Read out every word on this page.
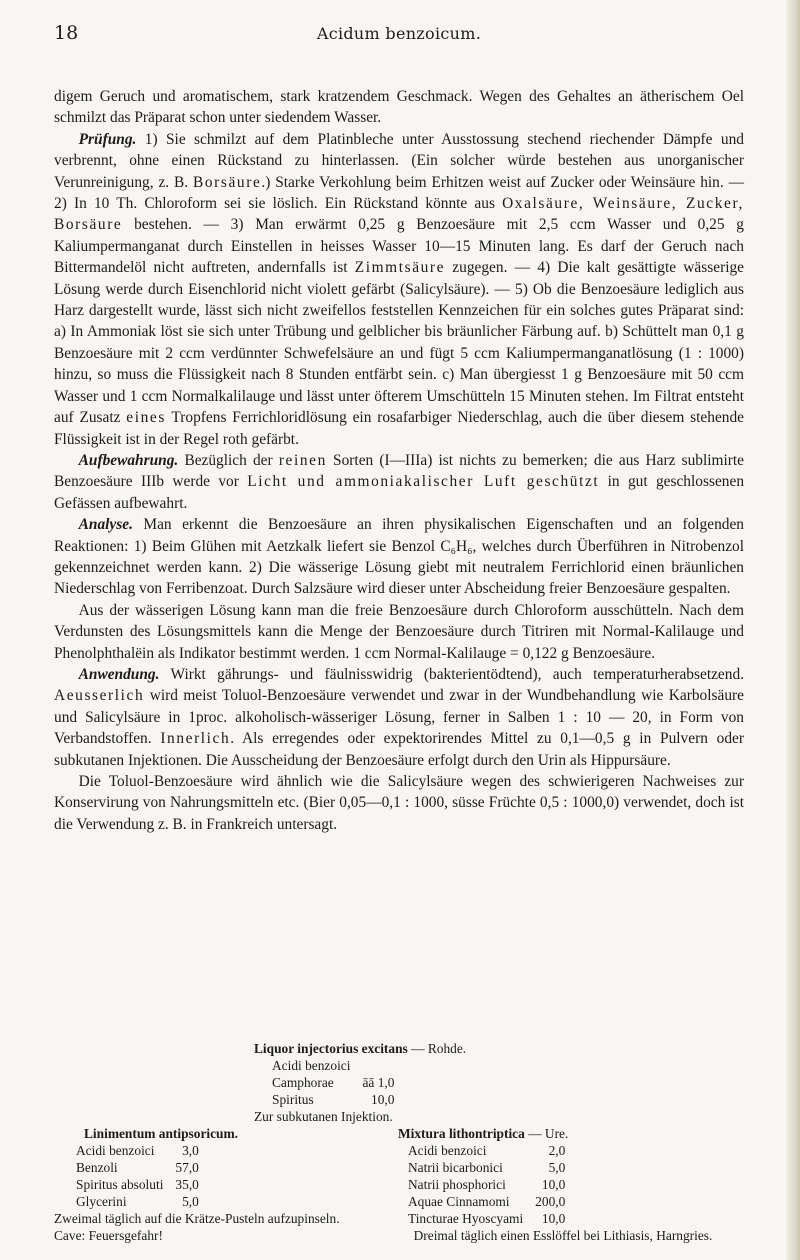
Acidum benzoicum.
18

digem Geruch und aromatischem, stark kratzendem Geschmack. Wegen des Gehaltes an ätherischem Oel schmilzt das Präparat schon unter siedendem Wasser.

Prüfung. 1) Sie schmilzt auf dem Platinbleche unter Ausstossung stechend riechender Dämpfe und verbrennt, ohne einen Rückstand zu hinterlassen. (Ein solcher würde bestehen aus unorganischer Verunreinigung, z. B. Borsäure.) Starke Verkohlung beim Erhitzen weist auf Zucker oder Weinsäure hin. — 2) In 10 Th. Chloroform sei sie löslich. Ein Rückstand könnte aus Oxalsäure, Weinsäure, Zucker, Borsäure bestehen. — 3) Man erwärmt 0,25 g Benzoesäure mit 2,5 ccm Wasser und 0,25 g Kaliumpermanganat durch Einstellen in heisses Wasser 10—15 Minuten lang. Es darf der Geruch nach Bittermandelöl nicht auftreten, andernfalls ist Zimmtsäure zugegen. — 4) Die kalt gesättigte wässerige Lösung werde durch Eisenchlorid nicht violett gefärbt (Salicylsäure). — 5) Ob die Benzoesäure lediglich aus Harz dargestellt wurde, lässt sich nicht zweifellos feststellen Kennzeichen für ein solches gutes Präparat sind: a) In Ammoniak löst sie sich unter Trübung und gelblicher bis bräunlicher Färbung auf. b) Schüttelt man 0,1 g Benzoesäure mit 2 ccm verdünnter Schwefelsäure an und fügt 5 ccm Kaliumpermanganatlösung (1 : 1000) hinzu, so muss die Flüssigkeit nach 8 Stunden entfärbt sein. c) Man übergiesst 1 g Benzoesäure mit 50 ccm Wasser und 1 ccm Normalkalilauge und lässt unter öfterem Umschütteln 15 Minuten stehen. Im Filtrat entsteht auf Zusatz eines Tropfens Ferrichloridlösung ein rosafarbiger Niederschlag, auch die über diesem stehende Flüssigkeit ist in der Regel roth gefärbt.

Aufbewahrung. Bezüglich der reinen Sorten (I—IIIa) ist nichts zu bemerken; die aus Harz sublimirte Benzoesäure IIIb werde vor Licht und ammoniakalischer Luft geschützt in gut geschlossenen Gefässen aufbewahrt.

Analyse. Man erkennt die Benzoesäure an ihren physikalischen Eigenschaften und an folgenden Reaktionen: 1) Beim Glühen mit Aetzkalk liefert sie Benzol C₆H₆, welches durch Überführen in Nitrobenzol gekennzeichnet werden kann. 2) Die wässerige Lösung giebt mit neutralem Ferrichlorid einen bräunlichen Niederschlag von Ferribenzoat. Durch Salzsäure wird dieser unter Abscheidung freier Benzoesäure gespalten.

Aus der wässerigen Lösung kann man die freie Benzoesäure durch Chloroform ausschütteln. Nach dem Verdunsten des Lösungsmittels kann die Menge der Benzoesäure durch Titriren mit Normal-Kalilauge und Phenolphthalëin als Indikator bestimmt werden. 1 ccm Normal-Kalilauge = 0,122 g Benzoesäure.

Anwendung. Wirkt gährungs- und fäulnisswidrig (bakterientödtend), auch temperaturherabsetzend. Aeusserlich wird meist Toluol-Benzoesäure verwendet und zwar in der Wundbehandlung wie Karbolsäure und Salicylsäure in 1proc. alkoholisch-wässeriger Lösung, ferner in Salben 1 : 10 — 20, in Form von Verbandstoffen. Innerlich. Als erregendes oder expektorirendes Mittel zu 0,1—0,5 g in Pulvern oder subkutanen Injektionen. Die Ausscheidung der Benzoesäure erfolgt durch den Urin als Hippursäure.

Die Toluol-Benzoesäure wird ähnlich wie die Salicylsäure wegen des schwierigeren Nachweises zur Konservirung von Nahrungsmitteln etc. (Bier 0,05—0,1 : 1000, süsse Früchte 0,5 : 1000,0) verwendet, doch ist die Verwendung z. B. in Frankreich untersagt.

Liquor injectorius excitans — Rohde.
Acidi benzoici	
Camphorae	āā 1,0
Spiritus	10,0
Zur subkutanen Injektion.
Linimentum antipsoricum.
Acidi benzoici	3,0
Benzoli	57,0
Spiritus absoluti	35,0
Glycerini	5,0
Zweimal täglich auf die Krätze-Pusteln aufzupinseln. Cave: Feuersgefahr!
Mixtura lithontriptica — Ure.
Acidi benzoici	2,0
Natrii bicarbonici	5,0
Natrii phosphorici	10,0
Aquae Cinnamomi	200,0
Tincturae Hyoscyami	10,0
Dreimal täglich einen Esslöffel bei Lithiasis, Harngries.
